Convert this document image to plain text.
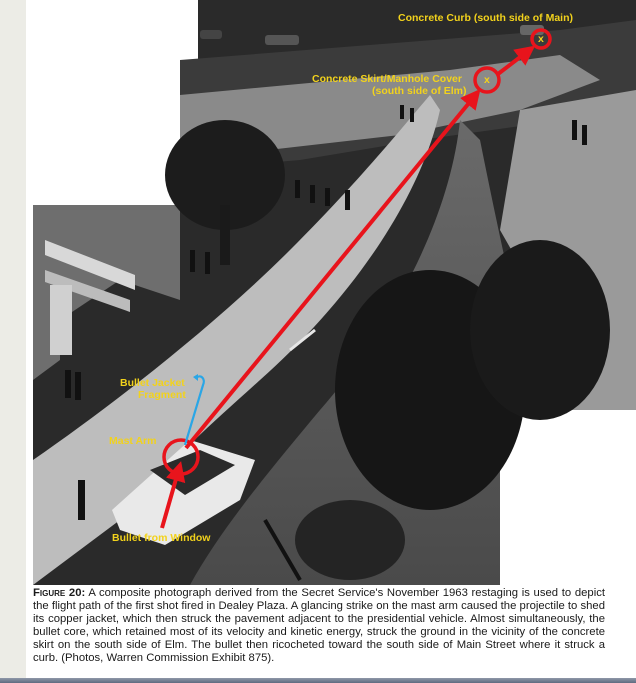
x
x
Concrete Curb (south side of Main)
Concrete Skirt/Manhole Cover
(south side of Elm)
Bullet Jacket
Fragment
Mast Arm
Bullet from Window

Figure 20: A composite photograph derived from the Secret Service's November 1963 restaging is used to depict the flight path of the first shot fired in Dealey Plaza. A glancing strike on the mast arm caused the projectile to shed its copper jacket, which then struck the pavement adjacent to the presidential vehicle. Almost simultaneously, the bullet core, which retained most of its velocity and kinetic energy, struck the ground in the vicinity of the concrete skirt on the south side of Elm. The bullet then ricocheted toward the south side of Main Street where it struck a curb. (Photos, Warren Commission Exhibit 875).
